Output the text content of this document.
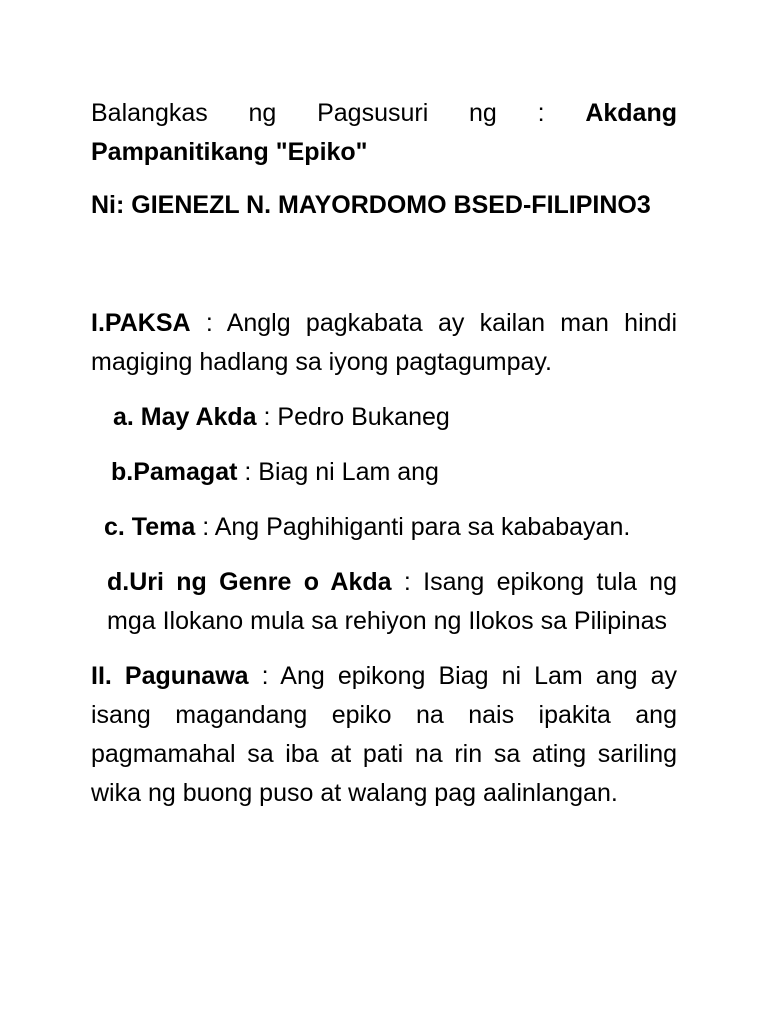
Balangkas ng Pagsusuri ng : Akdang Pampanitikang "Epiko"

Ni: GIENEZL N. MAYORDOMO BSED-FILIPINO3

I.PAKSA : Anglg pagkabata ay kailan man hindi magiging hadlang sa iyong pagtagumpay.

a. May Akda : Pedro Bukaneg

b.Pamagat : Biag ni Lam ang

c. Tema : Ang Paghihiganti para sa kababayan.

d.Uri ng Genre o Akda : Isang epikong tula ng mga Ilokano mula sa rehiyon ng Ilokos sa Pilipinas

II. Pagunawa : Ang epikong Biag ni Lam ang ay isang magandang epiko na nais ipakita ang pagmamahal sa iba at pati na rin sa ating sariling wika ng buong puso at walang pag aalinlangan.
